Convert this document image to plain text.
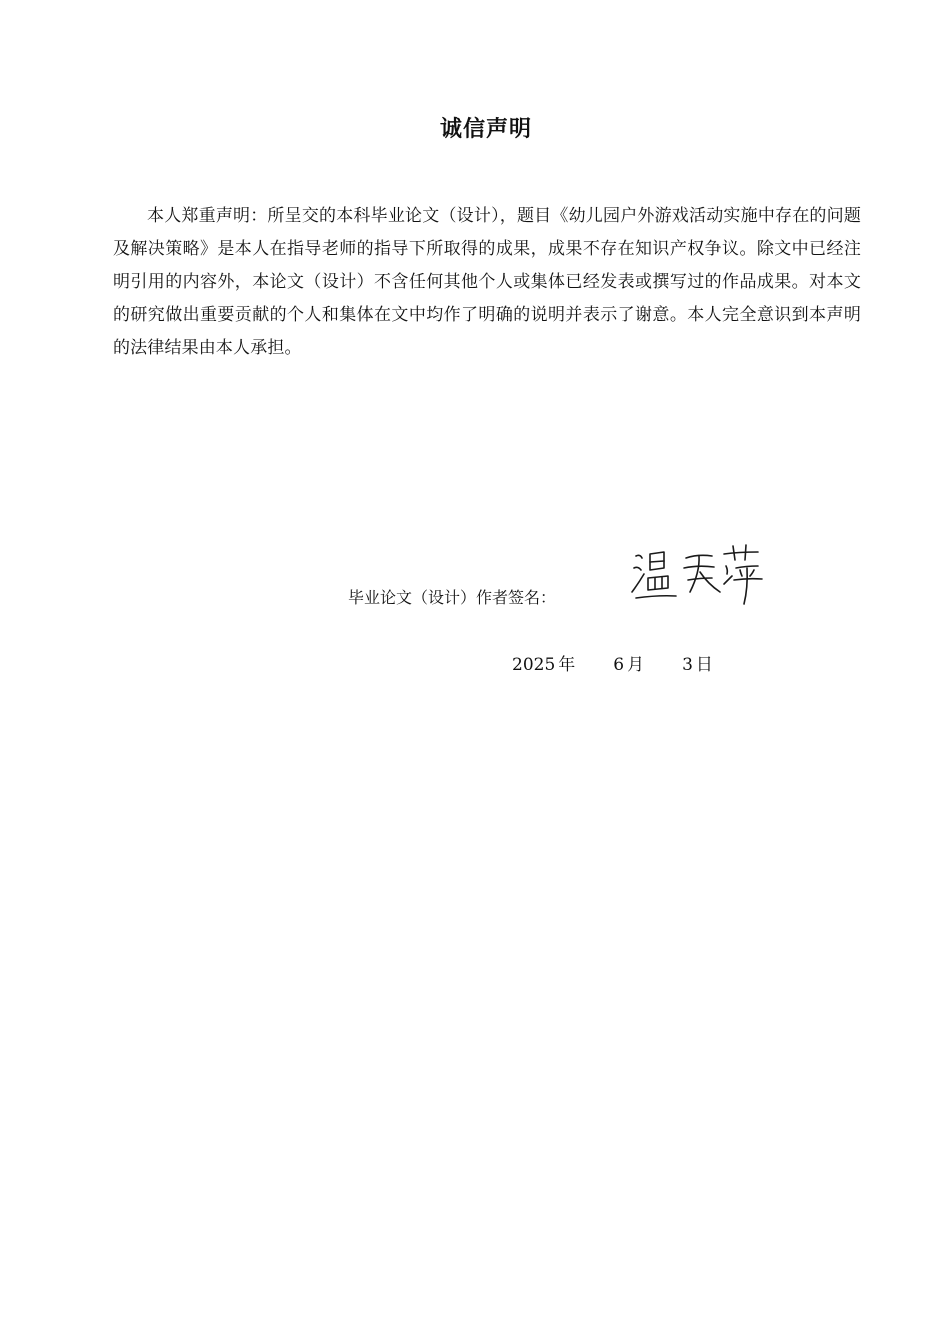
诚信声明

本人郑重声明：所呈交的本科毕业论文（设计），题目《幼儿园户外游戏活动实施中存在的问题及解决策略》是本人在指导老师的指导下所取得的成果，成果不存在知识产权争议。除文中已经注明引用的内容外，本论文（设计）不含任何其他个人或集体已经发表或撰写过的作品成果。对本文的研究做出重要贡献的个人和集体在文中均作了明确的说明并表示了谢意。本人完全意识到本声明的法律结果由本人承担。

毕业论文（设计）作者签名：
2025 年 6 月 3 日
